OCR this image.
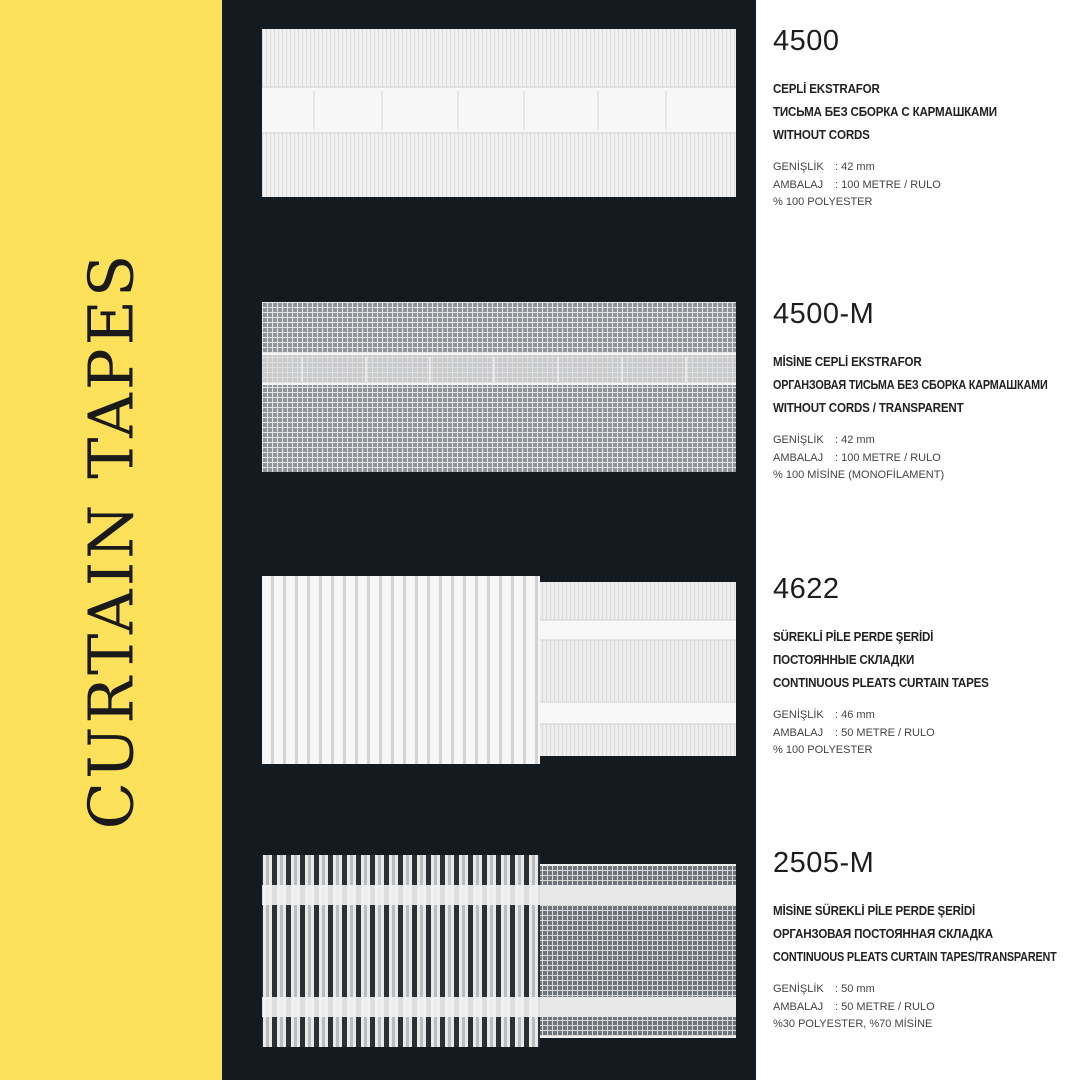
CURTAIN TAPES
4500
CEPLİ EKSTRAFOR
ТИСЬМА БЕЗ СБОРКА С КАРМАШКАМИ
WITHOUT CORDS
GENİŞLİK	: 42 mm
AMBALAJ	: 100 METRE / RULO
% 100 POLYESTER
4500-M
MİSİNE CEPLİ EKSTRAFOR
ОРГАНЗОВАЯ ТИСЬМА БЕЗ СБОРКА КАРМАШКАМИ
WITHOUT CORDS / TRANSPARENT
GENİŞLİK	: 42 mm
AMBALAJ	: 100 METRE / RULO
% 100 MİSİNE (MONOFİLAMENT)
4622
SÜREKLİ PİLE PERDE ŞERİDİ
ПОСТОЯННЫЕ СКЛАДКИ
CONTINUOUS PLEATS CURTAIN TAPES
GENİŞLİK	: 46 mm
AMBALAJ	: 50 METRE / RULO
% 100 POLYESTER
2505-M
MİSİNE SÜREKLİ PİLE PERDE ŞERİDİ
ОРГАНЗОВАЯ ПОСТОЯННАЯ СКЛАДКА
CONTINUOUS PLEATS CURTAIN TAPES/TRANSPARENT
GENİŞLİK	: 50 mm
AMBALAJ	: 50 METRE / RULO
%30 POLYESTER, %70 MİSİNE
